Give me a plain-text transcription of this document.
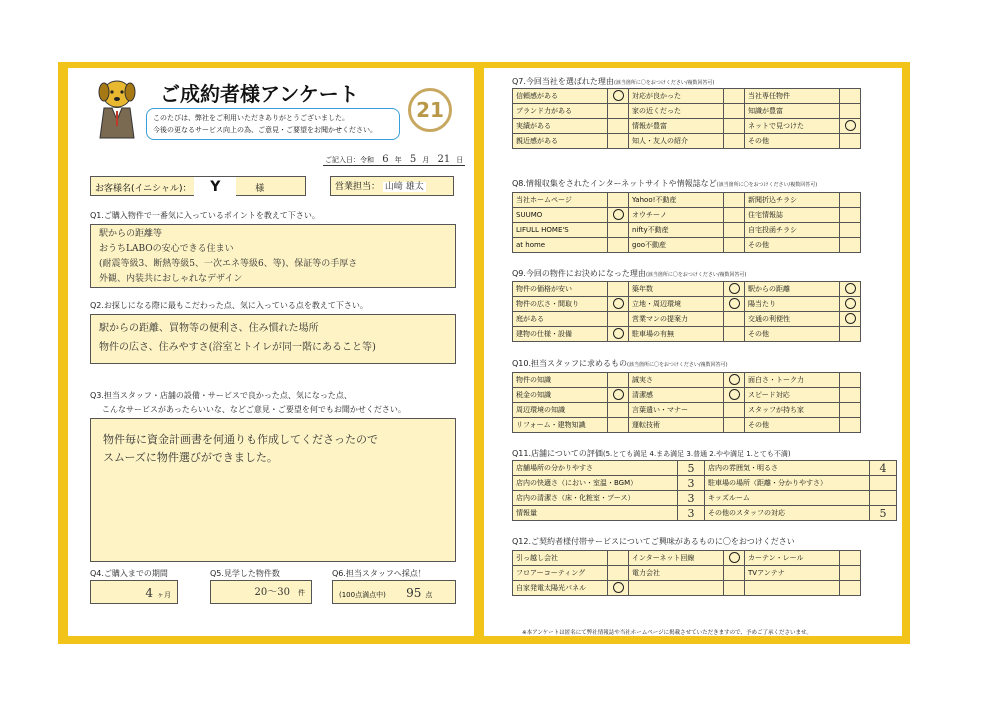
ご成約者様アンケート
このたびは、弊社をご利用いただきありがとうございました。
今後の更なるサービス向上の為、ご意見・ご要望をお聞かせください。
21
ご記入日：令和 6 年 5 月 21 日
お客様名(イニシャル)： Y	様	営業担当： 山﨑 雄太
Q1.ご購入物件で一番気に入っているポイントを教えて下さい。
駅からの距離等
おうちLABOの安心できる住まい
(耐震等級3、断熱等級5、一次エネ等級6、等)、保証等の手厚さ
外観、内装共におしゃれなデザイン
Q2.お探しになる際に最もこだわった点、気に入っている点を教えて下さい。
駅からの距離、買物等の便利さ、住み慣れた場所
物件の広さ、住みやすさ(浴室とトイレが同一階にあること等)
Q3.担当スタッフ・店舗の設備・サービスで良かった点、気になった点、
こんなサービスがあったらいいな、などご意見・ご要望を何でもお聞かせください。
物件毎に資金計画書を何通りも作成してくださったので
スムーズに物件選びができました。
Q4.ご購入までの期間
4 ヶ月
Q5.見学した物件数
20〜30 件
Q6.担当スタッフへ採点！
(100点満点中) 95 点
Q7.今回当社を選ばれた理由(該当箇所に〇をおつけください/複数回答可)
信頼感がある		対応が良かった		当社専任物件	
ブランド力がある		家の近くだった		知識が豊富	
実績がある		情報が豊富		ネットで見つけた	
親近感がある		知人・友人の紹介		その他	
Q8.情報収集をされたインターネットサイトや情報誌など(該当箇所に〇をおつけください/複数回答可)
当社ホームページ		Yahoo!不動産		新聞折込チラシ	
SUUMO		オウチーノ		住宅情報誌	
LIFULL HOME'S		nifty不動産		自宅投函チラシ	
at home		goo不動産		その他	
Q9.今回の物件にお決めになった理由(該当箇所に〇をおつけください/複数回答可)
物件の価格が安い		築年数		駅からの距離	
物件の広さ・間取り		立地・周辺環境		陽当たり	
庭がある		営業マンの提案力		交通の利便性	
建物の仕様・設備		駐車場の有無		その他	
Q10.担当スタッフに求めるもの(該当箇所に〇をおつけください/複数回答可)
物件の知識		誠実さ		面白さ・トーク力	
税金の知識		清潔感		スピード対応	
周辺環境の知識		言葉遣い・マナー		スタッフが持ち家	
リフォーム・建物知識		運転技術		その他	
Q11.店舗についての評価(5.とても満足 4.まあ満足 3.普通 2.やや満足 1.とても不満)
店舗場所の分かりやすさ	5	店内の雰囲気・明るさ	4
店内の快適さ（におい・室温・BGM）	3	駐車場の場所（距離・分かりやすさ）	
店内の清潔さ（床・化粧室・ブース）	3	キッズルーム	
情報量	3	その他のスタッフの対応	5
Q12.ご契約者様付帯サービスについてご興味があるものに〇をおつけください
引っ越し会社		インターネット回線		カーテン・レール	
フロアーコーティング		電力会社		TVアンテナ	
自家発電太陽光パネル					
※本アンケートは匿名にて弊社情報誌や当社ホームページに掲載させていただきますので、予めご了承くださいませ。
